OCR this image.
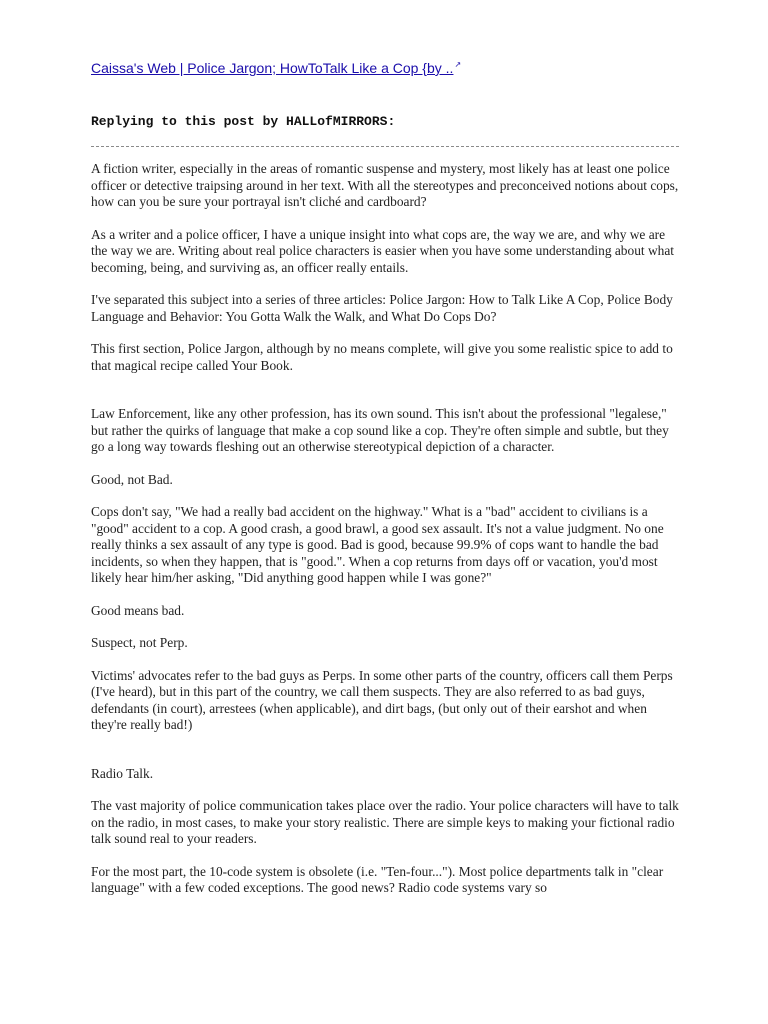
Caissa's Web | Police Jargon; HowToTalk Like a Cop {by ..↗
Replying to this post by HALLofMIRRORS:

A fiction writer, especially in the areas of romantic suspense and mystery, most likely has at least one police officer or detective traipsing around in her text. With all the stereotypes and preconceived notions about cops, how can you be sure your portrayal isn't cliché and cardboard?

As a writer and a police officer, I have a unique insight into what cops are, the way we are, and why we are the way we are. Writing about real police characters is easier when you have some understanding about what becoming, being, and surviving as, an officer really entails.

I've separated this subject into a series of three articles: Police Jargon: How to Talk Like A Cop, Police Body Language and Behavior: You Gotta Walk the Walk, and What Do Cops Do?

This first section, Police Jargon, although by no means complete, will give you some realistic spice to add to that magical recipe called Your Book.

Law Enforcement, like any other profession, has its own sound. This isn't about the professional "legalese," but rather the quirks of language that make a cop sound like a cop. They're often simple and subtle, but they go a long way towards fleshing out an otherwise stereotypical depiction of a character.

Good, not Bad.

Cops don't say, "We had a really bad accident on the highway." What is a "bad" accident to civilians is a "good" accident to a cop. A good crash, a good brawl, a good sex assault. It's not a value judgment. No one really thinks a sex assault of any type is good. Bad is good, because 99.9% of cops want to handle the bad incidents, so when they happen, that is "good.". When a cop returns from days off or vacation, you'd most likely hear him/her asking, "Did anything good happen while I was gone?"

Good means bad.

Suspect, not Perp.

Victims' advocates refer to the bad guys as Perps. In some other parts of the country, officers call them Perps (I've heard), but in this part of the country, we call them suspects. They are also referred to as bad guys, defendants (in court), arrestees (when applicable), and dirt bags, (but only out of their earshot and when they're really bad!)

Radio Talk.

The vast majority of police communication takes place over the radio. Your police characters will have to talk on the radio, in most cases, to make your story realistic. There are simple keys to making your fictional radio talk sound real to your readers.

For the most part, the 10-code system is obsolete (i.e. "Ten-four..."). Most police departments talk in "clear language" with a few coded exceptions. The good news? Radio code systems vary so
